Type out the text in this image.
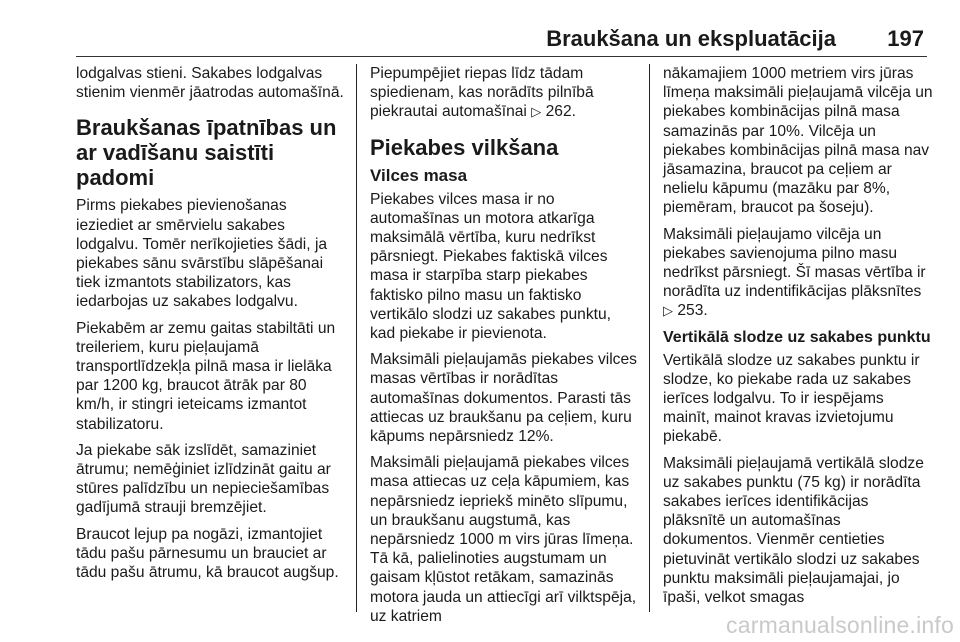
Braukšana un ekspluatācija 197

lodgalvas stieni. Sakabes lodgalvas stienim vienmēr jāatrodas automašīnā.

Braukšanas īpatnības un ar vadīšanu saistīti padomi

Pirms piekabes pievienošanas ieziediet ar smērvielu sakabes lodgalvu. Tomēr nerīkojieties šādi, ja piekabes sānu svārstību slāpēšanai tiek izmantots stabilizators, kas iedarbojas uz sakabes lodgalvu.

Piekabēm ar zemu gaitas stabiltāti un treileriem, kuru pieļaujamā transportlīdzekļa pilnā masa ir lielāka par 1200 kg, braucot ātrāk par 80 km/h, ir stingri ieteicams izmantot stabilizatoru.

Ja piekabe sāk izslīdēt, samaziniet ātrumu; nemēģiniet izlīdzināt gaitu ar stūres palīdzību un nepieciešamības gadījumā strauji bremzējiet.

Braucot lejup pa nogāzi, izmantojiet tādu pašu pārnesumu un brauciet ar tādu pašu ātrumu, kā braucot augšup.

Piepumpējiet riepas līdz tādam spiedienam, kas norādīts pilnībā piekrautai automašīnai ▷ 262.

Piekabes vilkšana
Vilces masa

Piekabes vilces masa ir no automašīnas un motora atkarīga maksimālā vērtība, kuru nedrīkst pārsniegt. Piekabes faktiskā vilces masa ir starpība starp piekabes faktisko pilno masu un faktisko vertikālo slodzi uz sakabes punktu, kad piekabe ir pievienota.

Maksimāli pieļaujamās piekabes vilces masas vērtības ir norādītas automašīnas dokumentos. Parasti tās attiecas uz braukšanu pa ceļiem, kuru kāpums nepārsniedz 12%.

Maksimāli pieļaujamā piekabes vilces masa attiecas uz ceļa kāpumiem, kas nepārsniedz iepriekš minēto slīpumu, un braukšanu augstumā, kas nepārsniedz 1000 m virs jūras līmeņa. Tā kā, palielinoties augstumam un gaisam kļūstot retākam, samazinās motora jauda un attiecīgi arī vilktspēja, uz katriem

nākamajiem 1000 metriem virs jūras līmeņa maksimāli pieļaujamā vilcēja un piekabes kombinācijas pilnā masa samazinās par 10%. Vilcēja un piekabes kombinācijas pilnā masa nav jāsamazina, braucot pa ceļiem ar nelielu kāpumu (mazāku par 8%, piemēram, braucot pa šoseju).

Maksimāli pieļaujamo vilcēja un piekabes savienojuma pilno masu nedrīkst pārsniegt. Šī masas vērtība ir norādīta uz indentifikācijas plāksnītes ▷ 253.

Vertikālā slodze uz sakabes punktu

Vertikālā slodze uz sakabes punktu ir slodze, ko piekabe rada uz sakabes ierīces lodgalvu. To ir iespējams mainīt, mainot kravas izvietojumu piekabē.

Maksimāli pieļaujamā vertikālā slodze uz sakabes punktu (75 kg) ir norādīta sakabes ierīces identifikācijas plāksnītē un automašīnas dokumentos. Vienmēr centieties pietuvināt vertikālo slodzi uz sakabes punktu maksimāli pieļaujamajai, jo īpaši, velkot smagas

carmanualsonline.info
